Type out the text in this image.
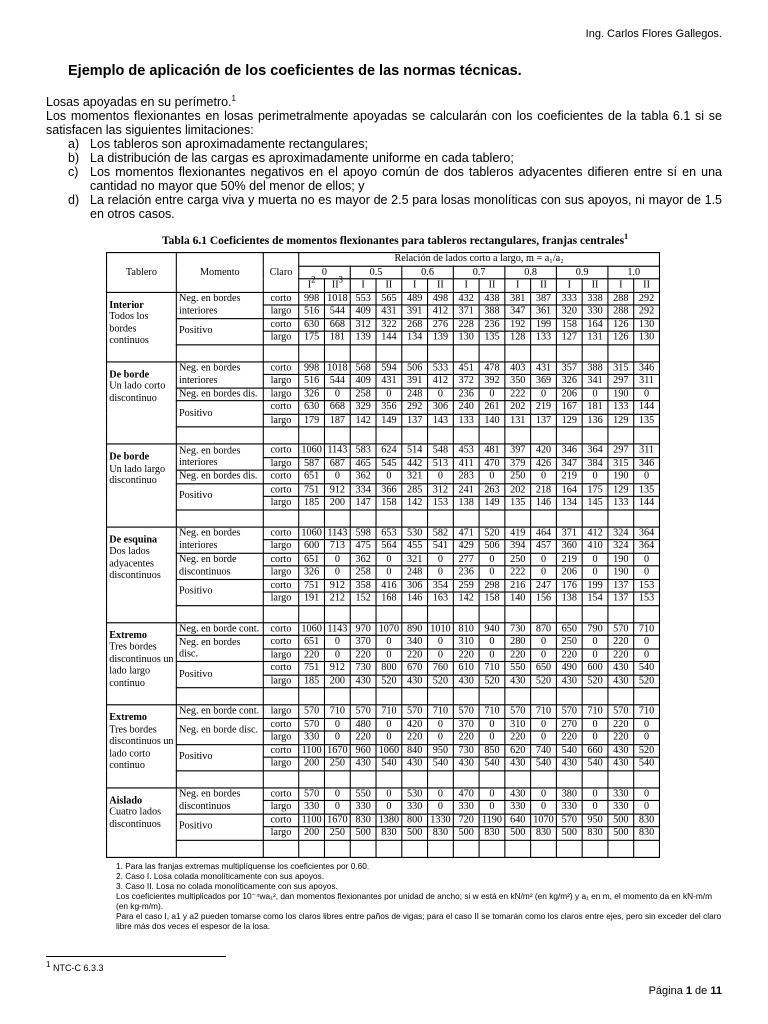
Ing. Carlos Flores Gallegos.
Ejemplo de aplicación de los coeficientes de las normas técnicas.

Losas apoyadas en su perímetro.$^1$

Los momentos flexionantes en losas perimetralmente apoyadas se calcularán con los coeficientes de la tabla 6.1 si se satisfacen las siguientes limitaciones:

a) Los tableros son aproximadamente rectangulares;
b) La distribución de las cargas es aproximadamente uniforme en cada tablero;
c) Los momentos flexionantes negativos en el apoyo común de dos tableros adyacentes difieren entre sí en una cantidad no mayor que 50% del menor de ellos; y
d) La relación entre carga viva y muerta no es mayor de 2.5 para losas monolíticas con sus apoyos, ni mayor de 1.5 en otros casos.
Tabla 6.1 Coeficientes de momentos flexionantes para tableros rectangulares, franjas centrales$^1$
Tablero	Momento	Claro	Relación de lados corto a largo, m = a₁/a₂													
			0		0.5		0.6		0.7		0.8		0.9		1.0	
			$I^2$	$II^3$	I	II	I	II	I	II	I	II	I	II	I	II

Interior
Todos los bordes continuos	Neg. en bordes interiores	corto	998	1018	553	565	489	498	432	438	381	387	333	338	288	292
		largo	516	544	409	431	391	412	371	388	347	361	320	330	288	292
	Positivo	corto	630	668	312	322	268	276	228	236	192	199	158	164	126	130
		largo	175	181	139	144	134	139	130	135	128	133	127	131	126	130

De borde
Un lado corto discontinuo	Neg. en bordes interiores	corto	998	1018	568	594	506	533	451	478	403	431	357	388	315	346
		largo	516	544	409	431	391	412	372	392	350	369	326	341	297	311
	Neg. en bordes dis.	largo	326	0	258	0	248	0	236	0	222	0	206	0	190	0
	Positivo	corto	630	668	329	356	292	306	240	261	202	219	167	181	133	144
		largo	179	187	142	149	137	143	133	140	131	137	129	136	129	135

De borde
Un lado largo discontinuo	Neg. en bordes interiores	corto	1060	1143	583	624	514	548	453	481	397	420	346	364	297	311
		largo	587	687	465	545	442	513	411	470	379	426	347	384	315	346
	Neg. en bordes dis.	corto	651	0	362	0	321	0	283	0	250	0	219	0	190	0
	Positivo	corto	751	912	334	366	285	312	241	263	202	218	164	175	129	135
		largo	185	200	147	158	142	153	138	149	135	146	134	145	133	144

De esquina
Dos lados adyacentes discontinuos	Neg. en bordes interiores	corto	1060	1143	598	653	530	582	471	520	419	464	371	412	324	364
		largo	600	713	475	564	455	541	429	506	394	457	360	410	324	364
	Neg. en borde discontinuos	corto	651	0	362	0	321	0	277	0	250	0	219	0	190	0
		largo	326	0	258	0	248	0	236	0	222	0	206	0	190	0
	Positivo	corto	751	912	358	416	306	354	259	298	216	247	176	199	137	153
		largo	191	212	152	168	146	163	142	158	140	156	138	154	137	153

Extremo
Tres bordes discontinuos un lado largo continuo	Neg. en borde cont.	corto	1060	1143	970	1070	890	1010	810	940	730	870	650	790	570	710
	Neg. en bordes disc.	corto	651	0	370	0	340	0	310	0	280	0	250	0	220	0
		largo	220	0	220	0	220	0	220	0	220	0	220	0	220	0
	Positivo	corto	751	912	730	800	670	760	610	710	550	650	490	600	430	540
		largo	185	200	430	520	430	520	430	520	430	520	430	520	430	520

Extremo
Tres bordes discontinuos un lado corto continuo	Neg. en borde cont.	largo	570	710	570	710	570	710	570	710	570	710	570	710	570	710
	Neg. en borde disc.	corto	570	0	480	0	420	0	370	0	310	0	270	0	220	0
		largo	330	0	220	0	220	0	220	0	220	0	220	0	220	0
	Positivo	corto	1100	1670	960	1060	840	950	730	850	620	740	540	660	430	520
		largo	200	250	430	540	430	540	430	540	430	540	430	540	430	540

Aislado
Cuatro lados discontinuos	Neg. en bordes discontinuos	corto	570	0	550	0	530	0	470	0	430	0	380	0	330	0
		largo	330	0	330	0	330	0	330	0	330	0	330	0	330	0
	Positivo	corto	1100	1670	830	1380	800	1330	720	1190	640	1070	570	950	500	830
		largo	200	250	500	830	500	830	500	830	500	830	500	830	500	830

1. Para las franjas extremas multiplíquense los coeficientes por 0.60.
2. Caso I. Losa colada monolíticamente con sus apoyos.
3. Caso II. Losa no colada monolíticamente con sus apoyos.
Los coeficientes multiplicados por 10⁻⁴wa₁², dan momentos flexionantes por unidad de ancho; si w está en kN/m² (en kg/m²) y a₁ en m, el momento da en kN-m/m (en kg-m/m).
Para el caso I, a1 y a2 pueden tomarse como los claros libres entre paños de vigas; para el caso II se tomarán como los claros entre ejes, pero sin exceder del claro libre más dos veces el espesor de la losa.
$^1$ NTC-C 6.3.3
Página 1 de 11
